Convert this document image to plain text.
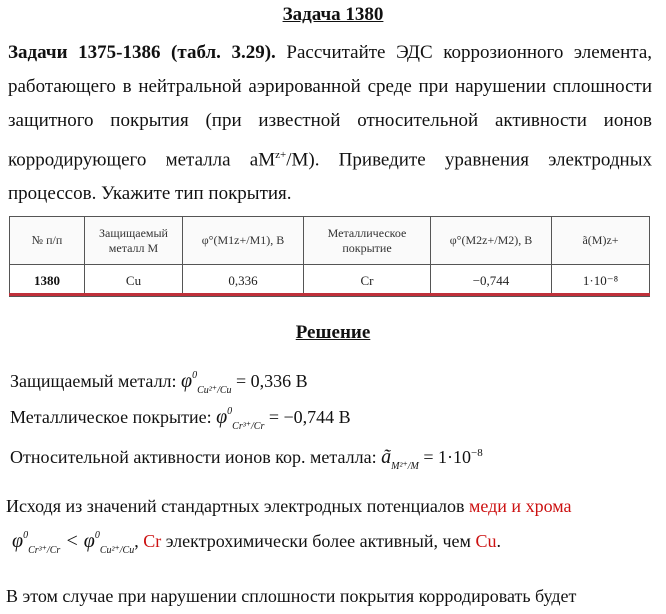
Задача 1380
Задачи 1375-1386 (табл. 3.29). Рассчитайте ЭДС коррозионного элемента, работающего в нейтральной аэрированной среде при нарушении сплошности защитного покрытия (при известной относительной активности ионов корродирующего металла $aM^{z+}/M$). Приведите уравнения электродных процессов. Укажите тип покрытия.
№ п/п	Защищаемый металл M	φ°(M1z+/M1), В	Металлическое покрытие	φ°(M2z+/M2), В	ã(M)z+
1380	Cu	0,336	Cr	−0,744	1·10⁻⁸
Решение
Защищаемый металл: $\varphi^0_{Cu^{2+}/Cu} = 0,336$ В
Металлическое покрытие: $\varphi^0_{Cr^{3+}/Cr} = -0,744$ В
Относительной активности ионов кор. металла: $ã_{M^{2+}/M} = 1\cdot 10^{-8}$
Исходя из значений стандартных электродных потенциалов меди и хрома
$\varphi^0_{Cr^{3+}/Cr} < \varphi^0_{Cu^{2+}/Cu}$, Cr электрохимически более активный, чем Cu.
В этом случае при нарушении сплошности покрытия корродировать будет
